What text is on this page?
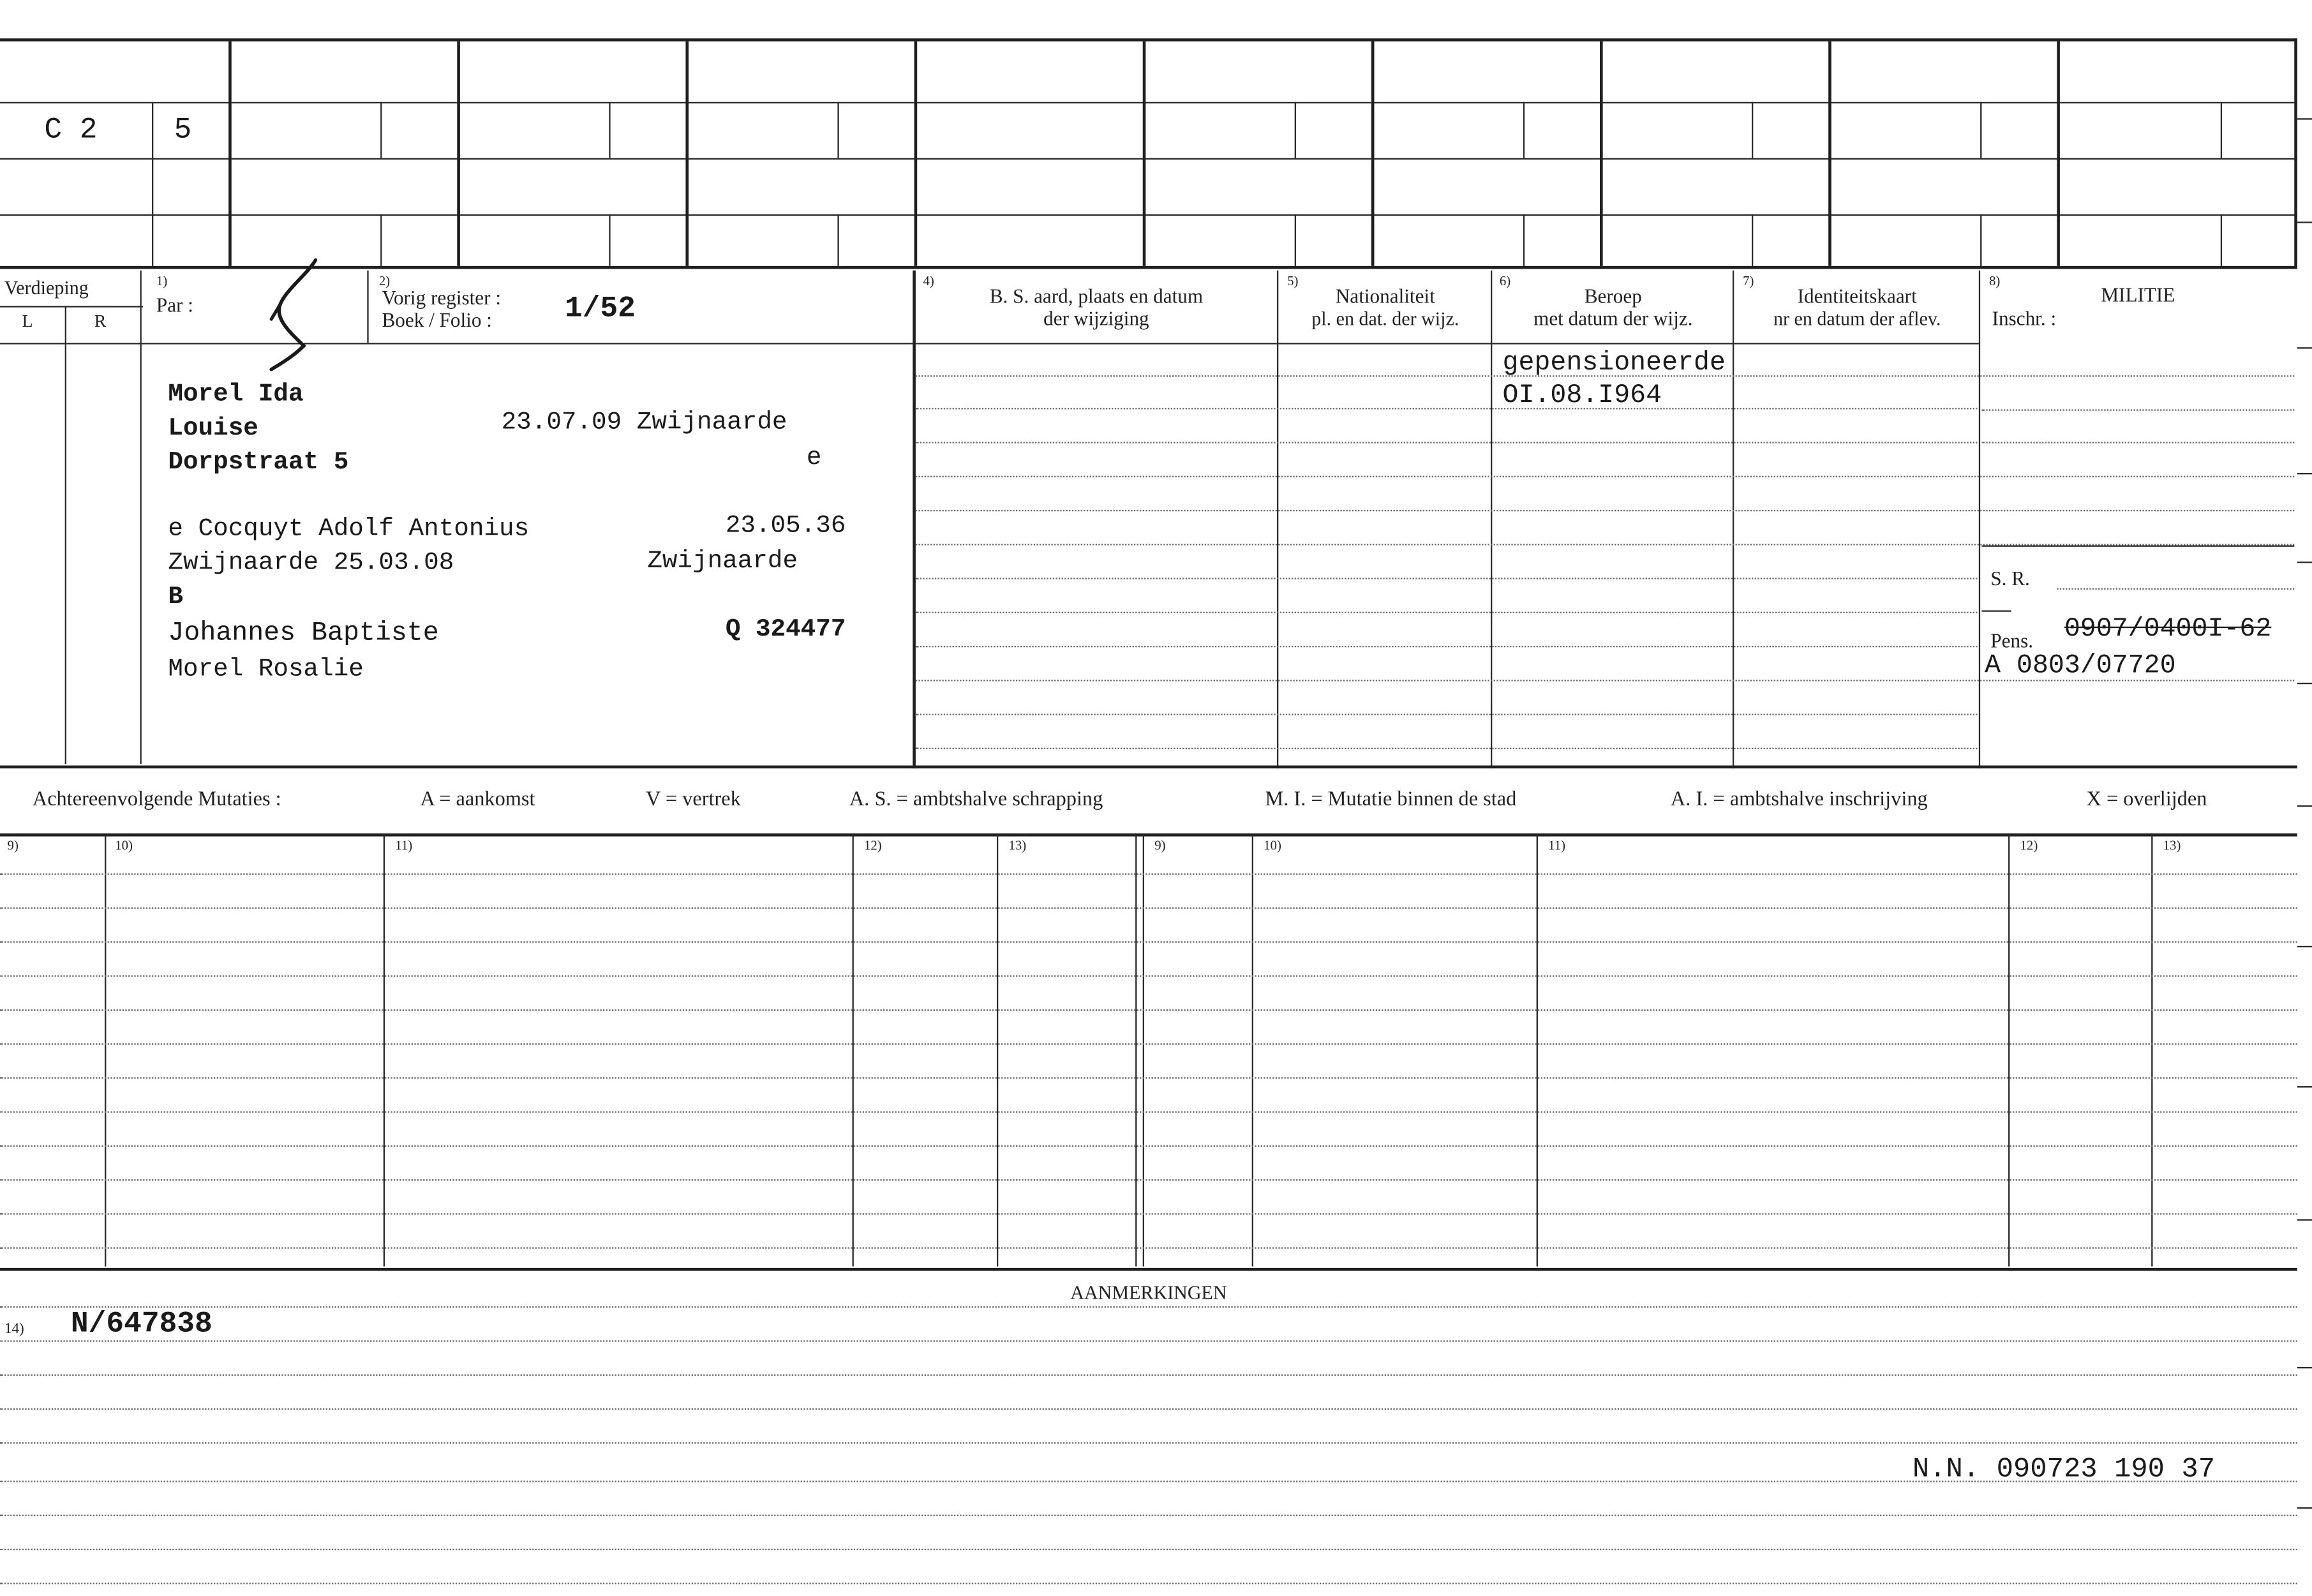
C 2	5
Verdieping
L	R
1)
Par :
2)
Vorig register :
Boek / Folio :	1/52
4)
B. S. aard, plaats en datum
der wijziging
5)
Nationaliteit
pl. en dat. der wijz.
6)
Beroep
met datum der wijz.
7)
Identiteitskaart
nr en datum der aflev.
8)
MILITIE
Inschr. :
Morel Ida
Louise	23.07.09 Zwijnaarde
Dorpstraat 5	e
e Cocquyt Adolf Antonius	23.05.36
Zwijnaarde 25.03.08	Zwijnaarde
B
Johannes Baptiste	Q 324477
Morel Rosalie
gepensioneerde
OI.08.I964
S. R.
Pens.	0907/0400I-62
A 0803/07720
Achtereenvolgende Mutaties :	A = aankomst	V = vertrek	A. S. = ambtshalve schrapping	M. I. = Mutatie binnen de stad	A. I. = ambtshalve inschrijving	X = overlijden
9)	10)	11)	12)	13)	9)	10)	11)	12)	13)
AANMERKINGEN
14)	N/647838
N.N. 090723 190 37
